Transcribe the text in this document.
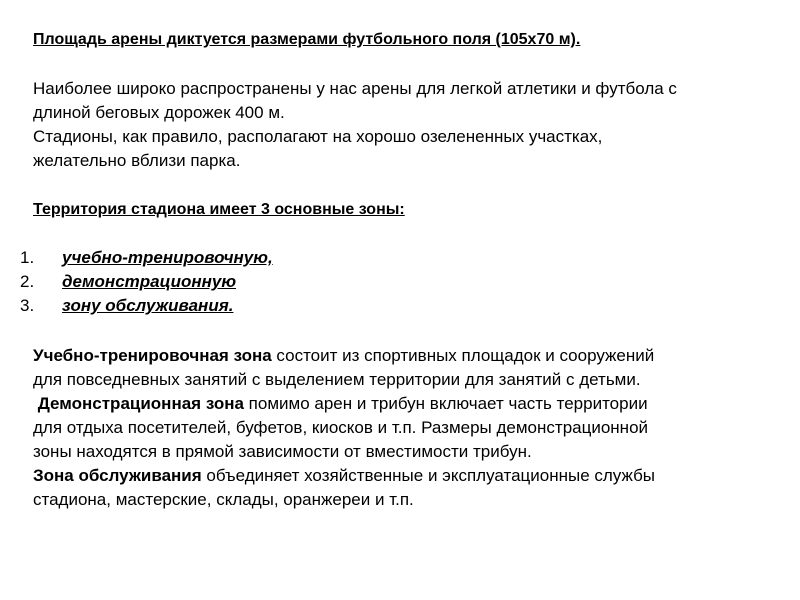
Площадь арены диктуется размерами футбольного поля (105х70 м).
Наиболее широко распространены у нас арены для легкой атлетики и футбола с
длиной беговых дорожек 400 м.
Стадионы, как правило, располагают на хорошо озелененных участках,
желательно вблизи парка.
Территория стадиона имеет 3 основные зоны:
1. учебно-тренировочную,
2. демонстрационную
3. зону обслуживания.
Учебно-тренировочная зона состоит из спортивных площадок и сооружений
для повседневных занятий с выделением территории для занятий с детьми.
Демонстрационная зона помимо арен и трибун включает часть территории
для отдыха посетителей, буфетов, киосков и т.п. Размеры демонстрационной
зоны находятся в прямой зависимости от вместимости трибун.
Зона обслуживания объединяет хозяйственные и эксплуатационные службы
стадиона, мастерские, склады, оранжереи и т.п.
